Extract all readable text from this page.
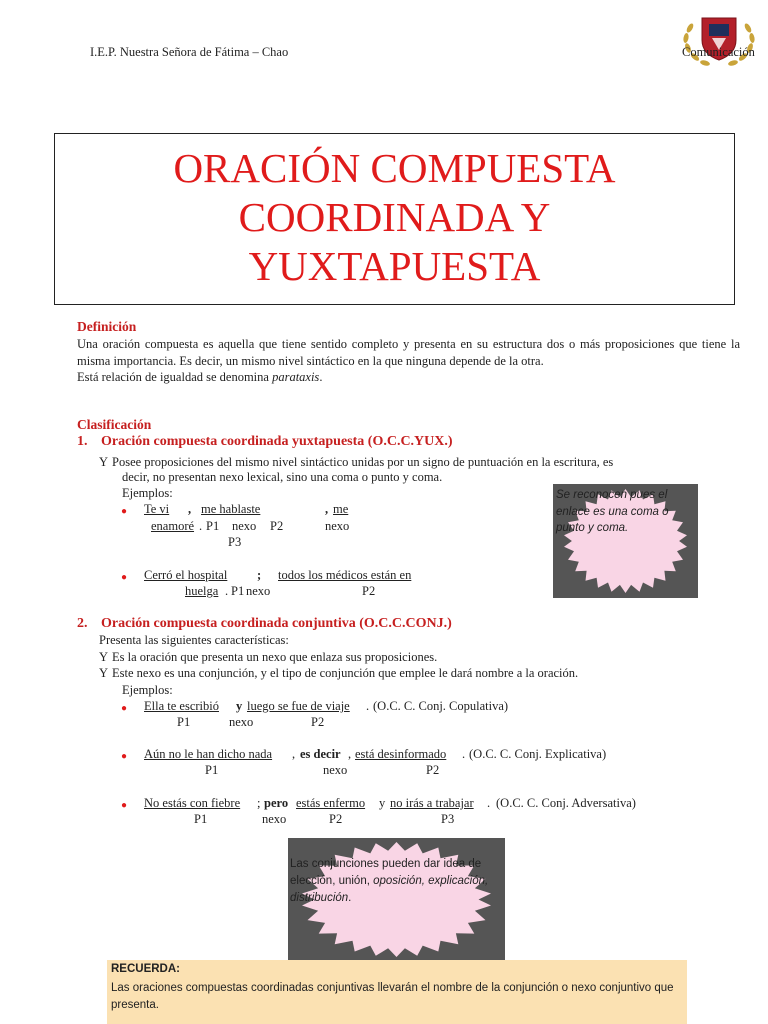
I.E.P. Nuestra Señora de Fátima – Chao	Comunicación
ORACIÓN COMPUESTA
COORDINADA Y
YUXTAPUESTA
Definición
Una oración compuesta es aquella que tiene sentido completo y presenta en su estructura dos o más proposiciones que tiene la misma importancia. Es decir, un mismo nivel sintáctico en la que ninguna depende de la otra.
Está relación de igualdad se denomina parataxis.
Clasificación
1. Oración compuesta coordinada yuxtapuesta (O.C.C.YUX.)
Y Posee proposiciones del mismo nivel sintáctico unidas por un signo de puntuación en la escritura, es
decir, no presentan nexo lexical, sino una coma o punto y coma.
Ejemplos:
● Te vi , me hablaste	, me
enamoré . P1 nexo P2	nexo
P3
● Cerró el hospital ; todos los médicos están en
huelga . P1 nexo	P2
Se reconocen pues el enlace es una coma o punto y coma.
2. Oración compuesta coordinada conjuntiva (O.C.C.CONJ.)
Presenta las siguientes características:
Y Es la oración que presenta un nexo que enlaza sus proposiciones.
Y Este nexo es una conjunción, y el tipo de conjunción que emplee le dará nombre a la oración.
Ejemplos:
● Ella te escribió y luego se fue de viaje . (O.C. C. Conj. Copulativa)
P1	nexo	P2
● Aún no le han dicho nada , es decir , está desinformado . (O.C. C. Conj. Explicativa)
P1	nexo	P2
● No estás con fiebre ; pero estás enfermo y no irás a trabajar . (O.C. C. Conj. Adversativa)
P1	nexo	P2	P3
Las conjunciones pueden dar idea de elección, unión, oposición, explicación, distribución.
RECUERDA:
Las oraciones compuestas coordinadas conjuntivas llevarán el nombre de la conjunción o nexo conjuntivo que presenta.
